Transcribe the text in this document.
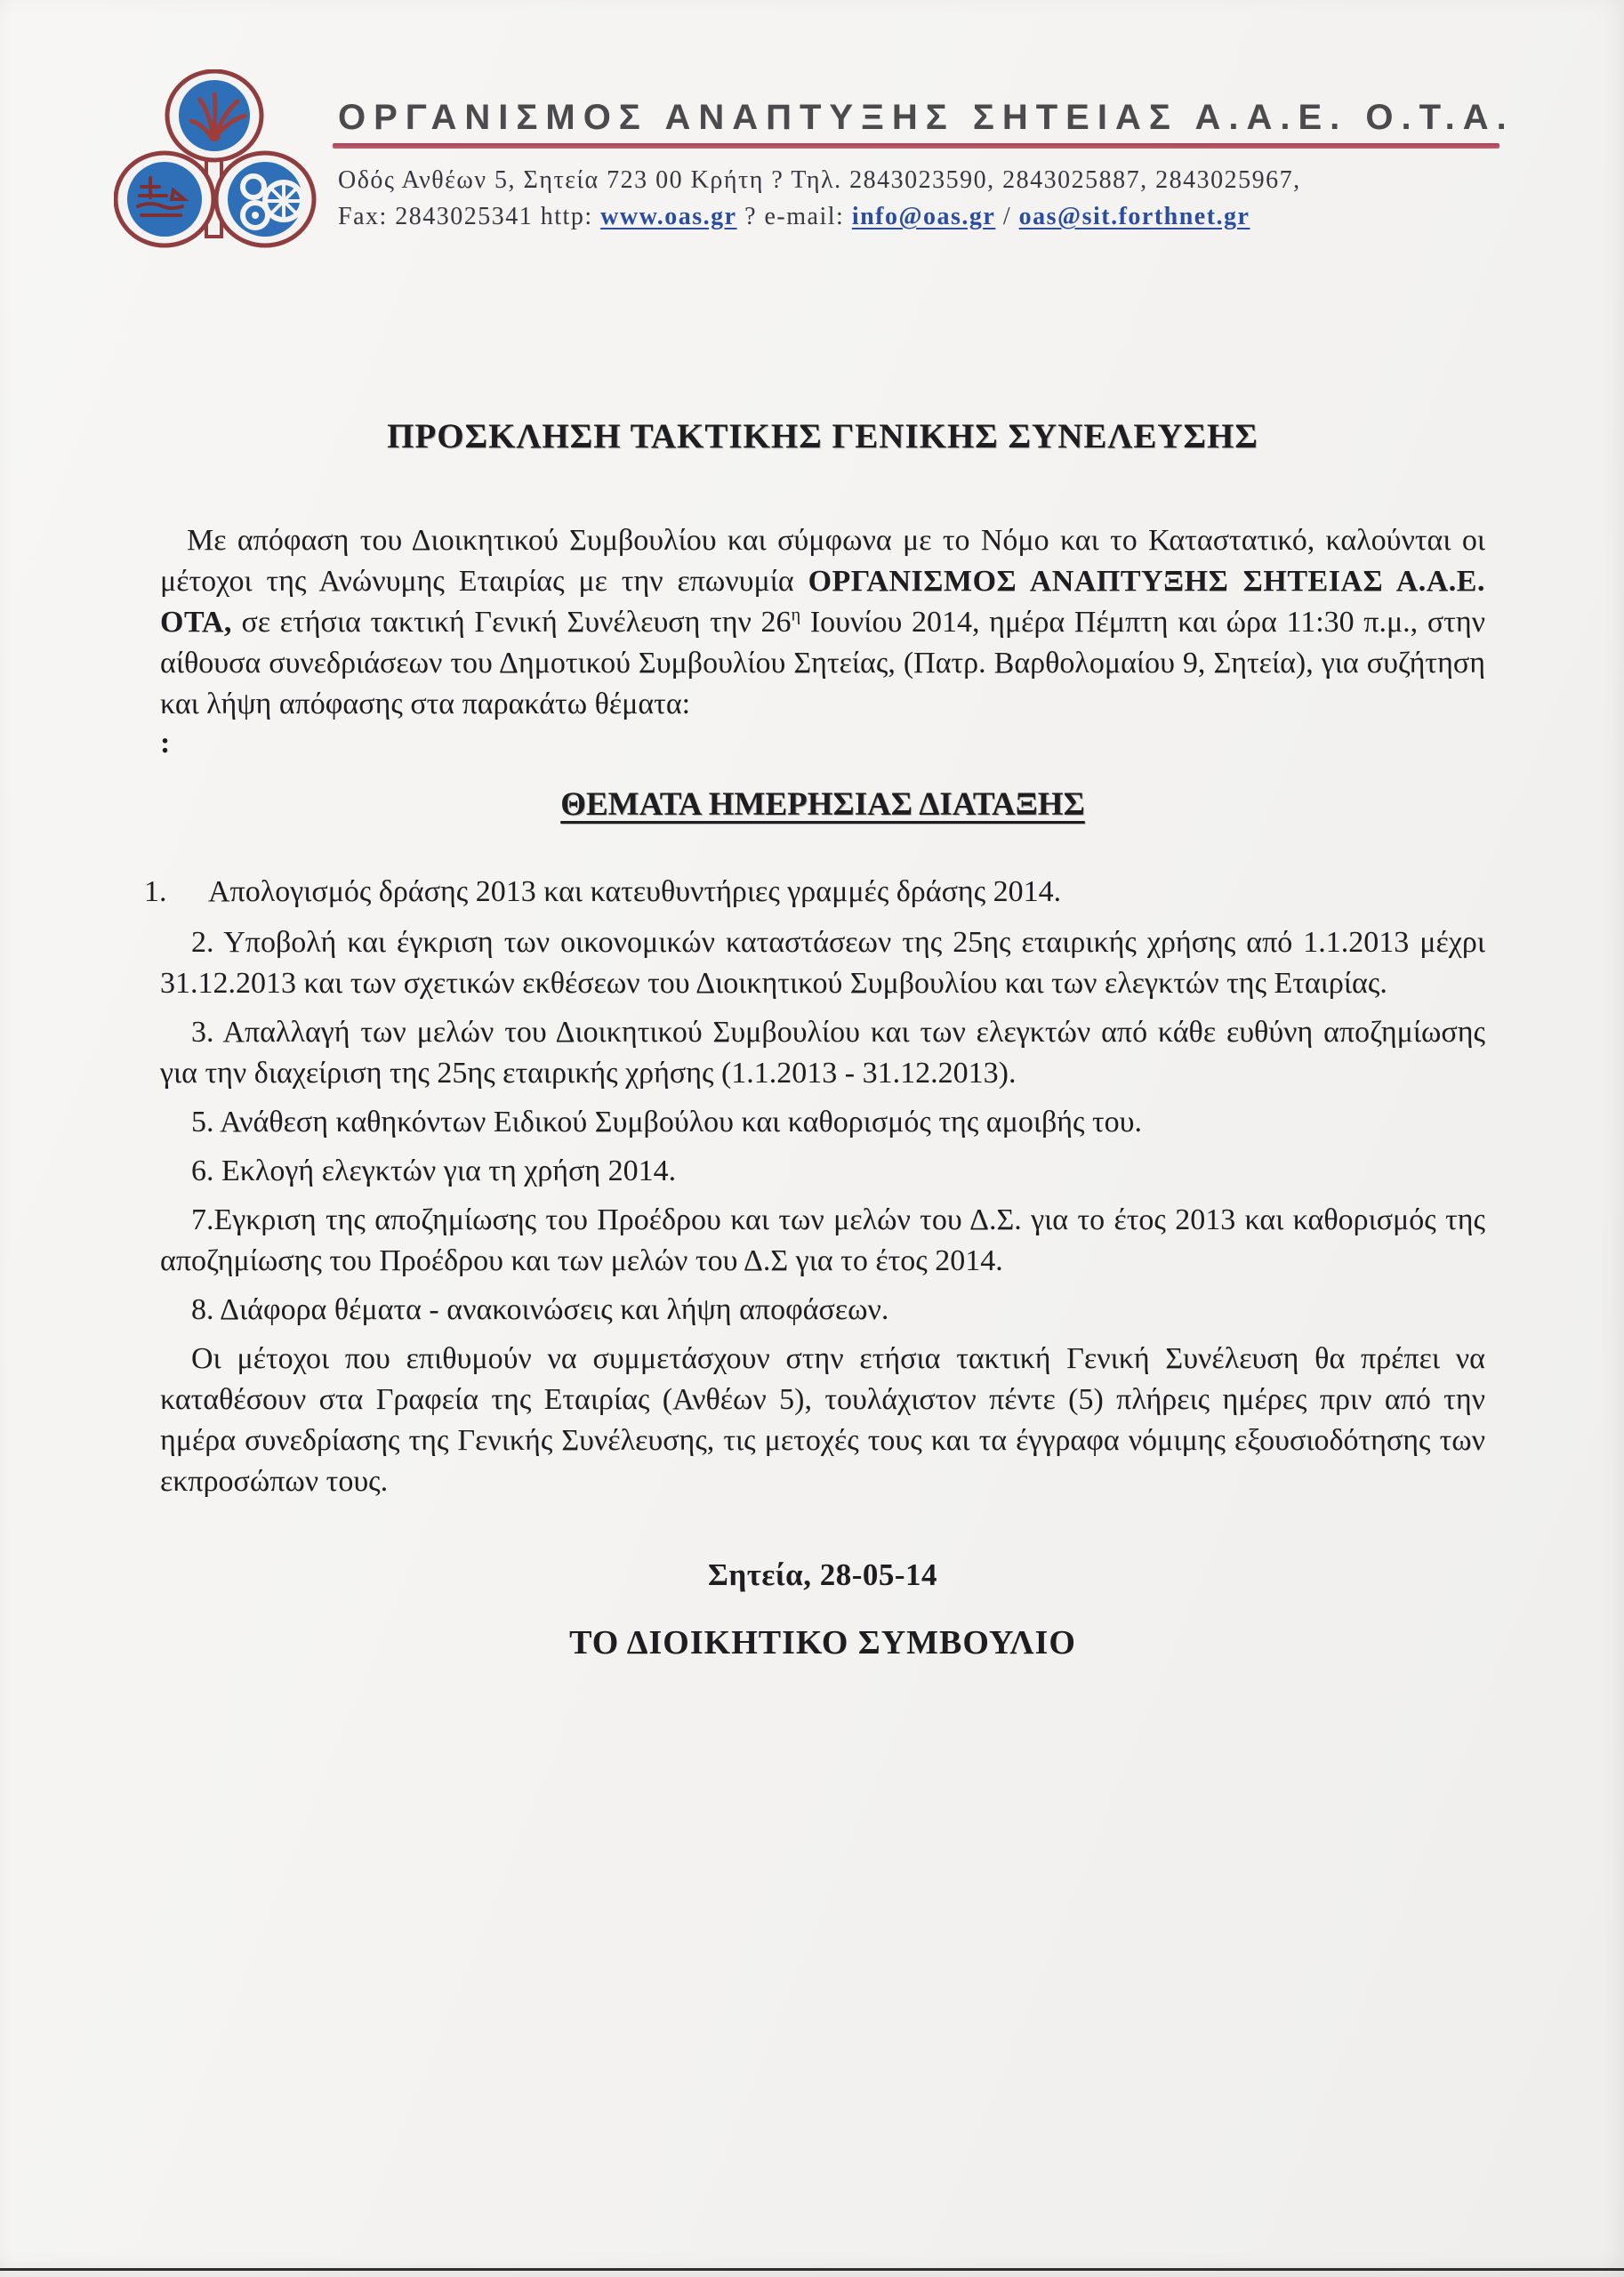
ΟΡΓΑΝΙΣΜΟΣ ΑΝΑΠΤΥΞΗΣ ΣΗΤΕΙΑΣ Α.Α.Ε. Ο.Τ.Α.
Οδός Ανθέων 5, Σητεία 723 00 Κρήτη ? Τηλ. 2843023590, 2843025887, 2843025967,
Fax: 2843025341 http: www.oas.gr ? e-mail: info@oas.gr / oas@sit.forthnet.gr
ΠΡΟΣΚΛΗΣΗ ΤΑΚΤΙΚΗΣ ΓΕΝΙΚΗΣ ΣΥΝΕΛΕΥΣΗΣ

Με απόφαση του Διοικητικού Συμβουλίου και σύμφωνα με το Νόμο και το Καταστατικό, καλούνται οι μέτοχοι της Ανώνυμης Εταιρίας με την επωνυμία ΟΡΓΑΝΙΣΜΟΣ ΑΝΑΠΤΥΞΗΣ ΣΗΤΕΙΑΣ Α.Α.Ε. ΟΤΑ, σε ετήσια τακτική Γενική Συνέλευση την $26^\eta$ Ιουνίου 2014, ημέρα Πέμπτη και ώρα 11:30 π.μ., στην αίθουσα συνεδριάσεων του Δημοτικού Συμβουλίου Σητείας, (Πατρ. Βαρθολομαίου 9, Σητεία), για συζήτηση και λήψη απόφασης στα παρακάτω θέματα:

:

ΘΕΜΑΤΑ ΗΜΕΡΗΣΙΑΣ ΔΙΑΤΑΞΗΣ

1. Απολογισμός δράσης 2013 και κατευθυντήριες γραμμές δράσης 2014.

2. Υποβολή και έγκριση των οικονομικών καταστάσεων της 25ης εταιρικής χρήσης από 1.1.2013 μέχρι 31.12.2013 και των σχετικών εκθέσεων του Διοικητικού Συμβουλίου και των ελεγκτών της Εταιρίας.

3. Απαλλαγή των μελών του Διοικητικού Συμβουλίου και των ελεγκτών από κάθε ευθύνη αποζημίωσης για την διαχείριση της 25ης εταιρικής χρήσης (1.1.2013 - 31.12.2013).

5. Ανάθεση καθηκόντων Ειδικού Συμβούλου και καθορισμός της αμοιβής του.

6. Εκλογή ελεγκτών για τη χρήση 2014.

7.Εγκριση της αποζημίωσης του Προέδρου και των μελών του Δ.Σ. για το έτος 2013 και καθορισμός της αποζημίωσης του Προέδρου και των μελών του Δ.Σ για το έτος 2014.

8. Διάφορα θέματα - ανακοινώσεις και λήψη αποφάσεων.

Οι μέτοχοι που επιθυμούν να συμμετάσχουν στην ετήσια τακτική Γενική Συνέλευση θα πρέπει να καταθέσουν στα Γραφεία της Εταιρίας (Ανθέων 5), τουλάχιστον πέντε (5) πλήρεις ημέρες πριν από την ημέρα συνεδρίασης της Γενικής Συνέλευσης, τις μετοχές τους και τα έγγραφα νόμιμης εξουσιοδότησης των εκπροσώπων τους.

Σητεία, 28-05-14

ΤΟ ΔΙΟΙΚΗΤΙΚΟ ΣΥΜΒΟΥΛΙΟ
